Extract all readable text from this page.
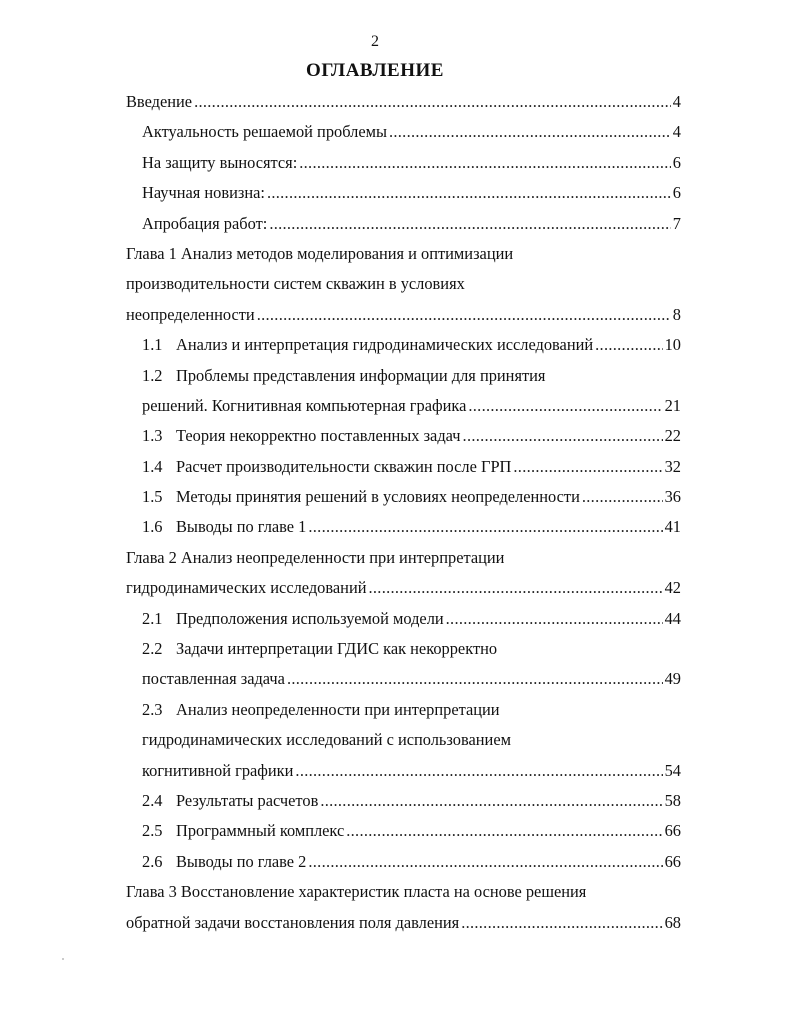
2
ОГЛАВЛЕНИЕ
Введение .....	4
Актуальность решаемой проблемы .....	4
На защиту выносятся: .....	6
Научная новизна: .....	6
Апробация работ: .....	7
Глава 1 Анализ методов моделирования и оптимизации
производительности систем скважин в условиях
неопределенности .....	8
1.1 Анализ и интерпретация гидродинамических исследований .....	10
1.2 Проблемы представления информации для принятия
решений. Когнитивная компьютерная графика .....	21
1.3 Теория некорректно поставленных задач .....	22
1.4 Расчет производительности скважин после ГРП .....	32
1.5 Методы принятия решений в условиях неопределенности .....	36
1.6 Выводы по главе 1 .....	41
Глава 2 Анализ неопределенности при интерпретации
гидродинамических исследований .....	42
2.1 Предположения используемой модели .....	44
2.2 Задачи интерпретации ГДИС как некорректно
поставленная задача .....	49
2.3 Анализ неопределенности при интерпретации
гидродинамических исследований с использованием
когнитивной графики .....	54
2.4 Результаты расчетов .....	58
2.5 Программный комплекс .....	66
2.6 Выводы по главе 2 .....	66
Глава 3 Восстановление характеристик пласта на основе решения
обратной задачи восстановления поля давления .....	68
